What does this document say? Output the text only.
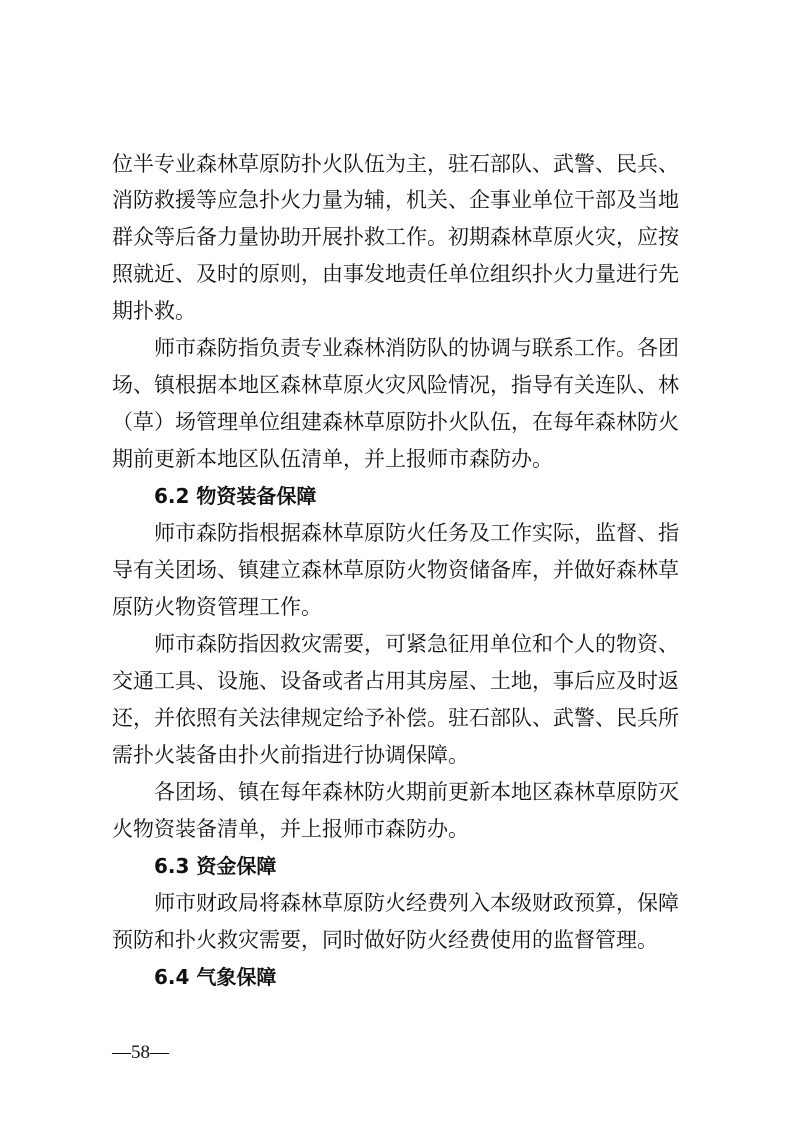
位半专业森林草原防扑火队伍为主，驻石部队、武警、民兵、
消防救援等应急扑火力量为辅，机关、企事业单位干部及当地
群众等后备力量协助开展扑救工作。初期森林草原火灾，应按
照就近、及时的原则，由事发地责任单位组织扑火力量进行先
期扑救。
师市森防指负责专业森林消防队的协调与联系工作。各团
场、镇根据本地区森林草原火灾风险情况，指导有关连队、林
（草）场管理单位组建森林草原防扑火队伍，在每年森林防火
期前更新本地区队伍清单，并上报师市森防办。
6.2 物资装备保障
师市森防指根据森林草原防火任务及工作实际，监督、指
导有关团场、镇建立森林草原防火物资储备库，并做好森林草
原防火物资管理工作。
师市森防指因救灾需要，可紧急征用单位和个人的物资、
交通工具、设施、设备或者占用其房屋、土地，事后应及时返
还，并依照有关法律规定给予补偿。驻石部队、武警、民兵所
需扑火装备由扑火前指进行协调保障。
各团场、镇在每年森林防火期前更新本地区森林草原防灭
火物资装备清单，并上报师市森防办。
6.3 资金保障
师市财政局将森林草原防火经费列入本级财政预算，保障
预防和扑火救灾需要，同时做好防火经费使用的监督管理。
6.4 气象保障
—58—
